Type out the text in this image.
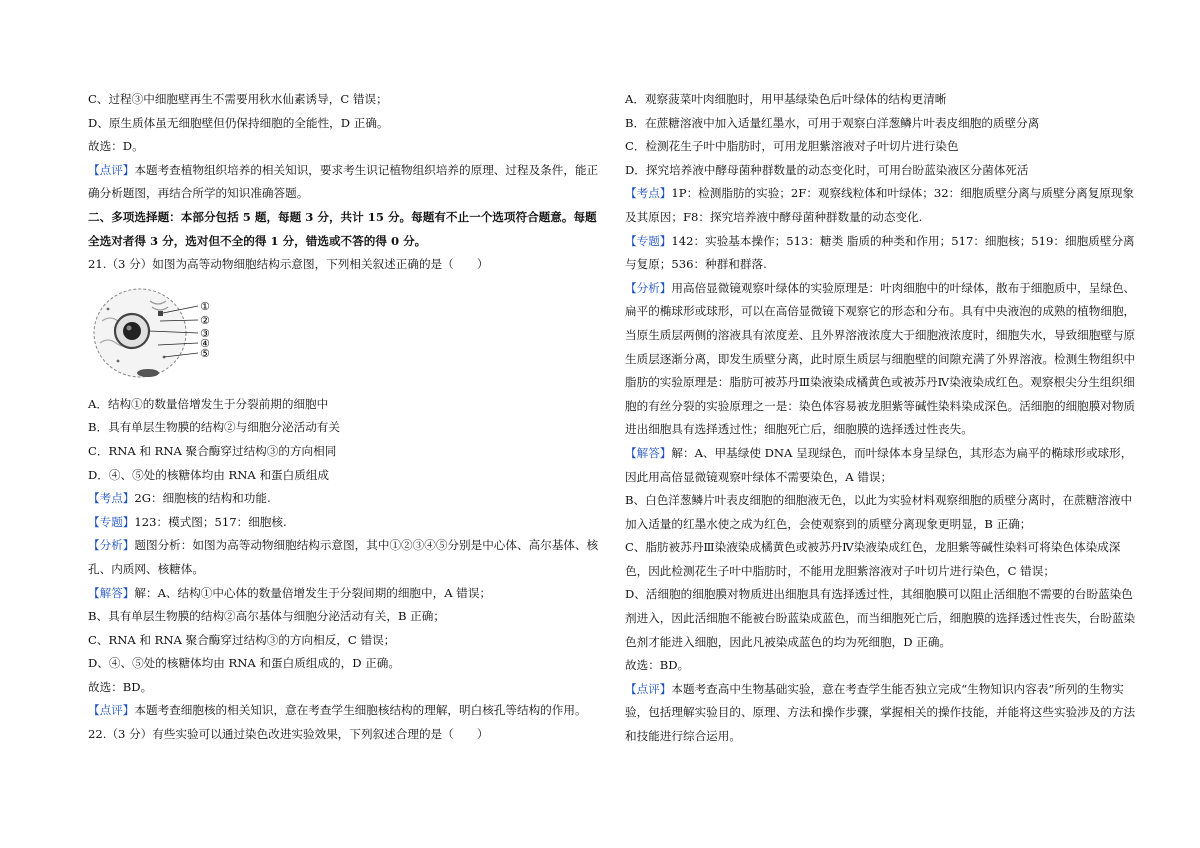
C、过程③中细胞壁再生不需要用秋水仙素诱导，C 错误；

D、原生质体虽无细胞壁但仍保持细胞的全能性，D 正确。

故选：D。

【点评】本题考查植物组织培养的相关知识，要求考生识记植物组织培养的原理、过程及条件，能正确分析题图，再结合所学的知识准确答题。

二、多项选择题：本部分包括 5 题，每题 3 分，共计 15 分。每题有不止一个选项符合题意。每题全选对者得 3 分，选对但不全的得 1 分，错选或不答的得 0 分。

21.（3 分）如图为高等动物细胞结构示意图，下列相关叙述正确的是（　　）

①
②
③
④
⑤

A．结构①的数量倍增发生于分裂前期的细胞中

B．具有单层生物膜的结构②与细胞分泌活动有关

C．RNA 和 RNA 聚合酶穿过结构③的方向相同

D．④、⑤处的核糖体均由 RNA 和蛋白质组成

【考点】2G：细胞核的结构和功能.

【专题】123：模式图；517：细胞核.

【分析】题图分析：如图为高等动物细胞结构示意图，其中①②③④⑤分别是中心体、高尔基体、核孔、内质网、核糖体。

【解答】解：A、结构①中心体的数量倍增发生于分裂间期的细胞中，A 错误；

B、具有单层生物膜的结构②高尔基体与细胞分泌活动有关，B 正确；

C、RNA 和 RNA 聚合酶穿过结构③的方向相反，C 错误；

D、④、⑤处的核糖体均由 RNA 和蛋白质组成的，D 正确。

故选：BD。

【点评】本题考查细胞核的相关知识，意在考查学生细胞核结构的理解，明白核孔等结构的作用。

22.（3 分）有些实验可以通过染色改进实验效果，下列叙述合理的是（　　）

A．观察菠菜叶肉细胞时，用甲基绿染色后叶绿体的结构更清晰

B．在蔗糖溶液中加入适量红墨水，可用于观察白洋葱鳞片叶表皮细胞的质壁分离

C．检测花生子叶中脂肪时，可用龙胆紫溶液对子叶切片进行染色

D．探究培养液中酵母菌种群数量的动态变化时，可用台盼蓝染液区分菌体死活

【考点】1P：检测脂肪的实验；2F：观察线粒体和叶绿体；32：细胞质壁分离与质壁分离复原现象及其原因；F8：探究培养液中酵母菌种群数量的动态变化.

【专题】142：实验基本操作；513：糖类 脂质的种类和作用；517：细胞核；519：细胞质壁分离与复原；536：种群和群落.

【分析】用高倍显微镜观察叶绿体的实验原理是：叶肉细胞中的叶绿体，散布于细胞质中，呈绿色、扁平的椭球形或球形，可以在高倍显微镜下观察它的形态和分布。具有中央液泡的成熟的植物细胞，当原生质层两侧的溶液具有浓度差、且外界溶液浓度大于细胞液浓度时，细胞失水，导致细胞壁与原生质层逐渐分离，即发生质壁分离，此时原生质层与细胞壁的间隙充满了外界溶液。检测生物组织中脂肪的实验原理是：脂肪可被苏丹Ⅲ染液染成橘黄色或被苏丹Ⅳ染液染成红色。观察根尖分生组织细胞的有丝分裂的实验原理之一是：染色体容易被龙胆紫等碱性染料染成深色。活细胞的细胞膜对物质进出细胞具有选择透过性；细胞死亡后，细胞膜的选择透过性丧失。

【解答】解：A、甲基绿使 DNA 呈现绿色，而叶绿体本身呈绿色，其形态为扁平的椭球形或球形，因此用高倍显微镜观察叶绿体不需要染色，A 错误；

B、白色洋葱鳞片叶表皮细胞的细胞液无色，以此为实验材料观察细胞的质壁分离时，在蔗糖溶液中加入适量的红墨水使之成为红色，会使观察到的质壁分离现象更明显，B 正确；

C、脂肪被苏丹Ⅲ染液染成橘黄色或被苏丹Ⅳ染液染成红色，龙胆紫等碱性染料可将染色体染成深色，因此检测花生子叶中脂肪时，不能用龙胆紫溶液对子叶切片进行染色，C 错误；

D、活细胞的细胞膜对物质进出细胞具有选择透过性，其细胞膜可以阻止活细胞不需要的台盼蓝染色剂进入，因此活细胞不能被台盼蓝染成蓝色，而当细胞死亡后，细胞膜的选择透过性丧失，台盼蓝染色剂才能进入细胞，因此凡被染成蓝色的均为死细胞，D 正确。

故选：BD。

【点评】本题考查高中生物基础实验，意在考查学生能否独立完成“生物知识内容表”所列的生物实验，包括理解实验目的、原理、方法和操作步骤，掌握相关的操作技能，并能将这些实验涉及的方法和技能进行综合运用。
